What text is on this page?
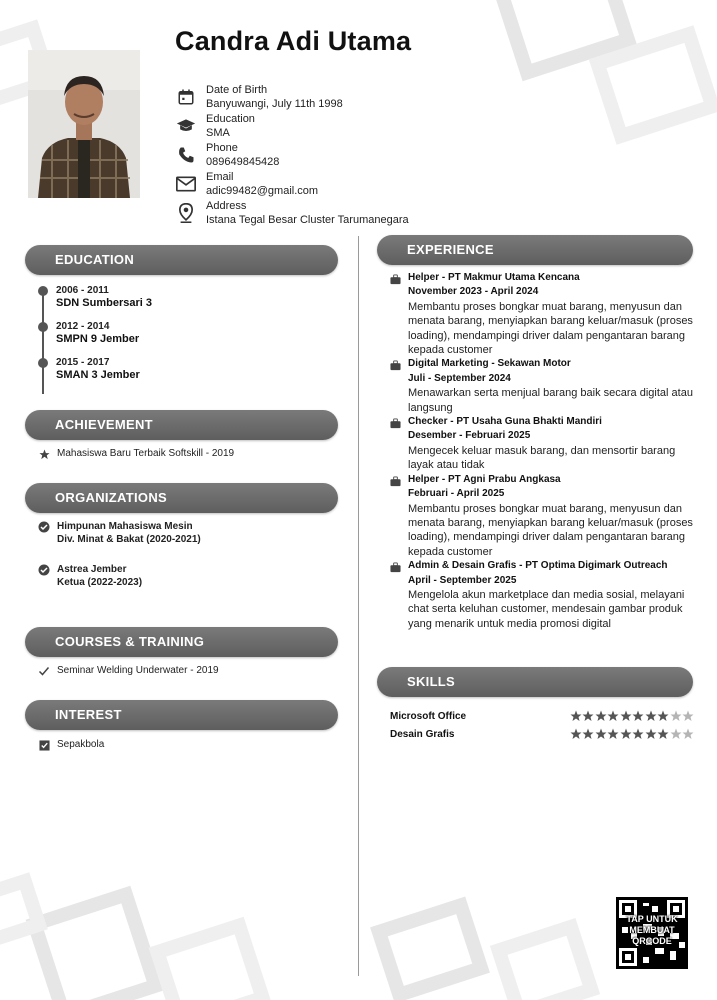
Candra Adi Utama
Date of Birth
Banyuwangi, July 11th 1998
Education
SMA
Phone
089649845428
Email
adic99482@gmail.com
Address
Istana Tegal Besar Cluster Tarumanegara
EDUCATION
2006 - 2011
SDN Sumbersari 3
2012 - 2014
SMPN 9 Jember
2015 - 2017
SMAN 3 Jember
ACHIEVEMENT
Mahasiswa Baru Terbaik Softskill - 2019
ORGANIZATIONS
Himpunan Mahasiswa Mesin
Div. Minat & Bakat (2020-2021)
Astrea Jember
Ketua (2022-2023)
COURSES & TRAINING
Seminar Welding Underwater - 2019
INTEREST
Sepakbola
EXPERIENCE
Helper - PT Makmur Utama Kencana
November 2023 - April 2024
Membantu proses bongkar muat barang, menyusun dan menata barang, menyiapkan barang keluar/masuk (proses loading), mendampingi driver dalam pengantaran barang kepada customer
Digital Marketing - Sekawan Motor
Juli - September 2024
Menawarkan serta menjual barang baik secara digital atau langsung
Checker - PT Usaha Guna Bhakti Mandiri
Desember - Februari 2025
Mengecek keluar masuk barang, dan mensortir barang layak atau tidak
Helper - PT Agni Prabu Angkasa
Februari - April 2025
Membantu proses bongkar muat barang, menyusun dan menata barang, menyiapkan barang keluar/masuk (proses loading), mendampingi driver dalam pengantaran barang kepada customer
Admin & Desain Grafis - PT Optima Digimark Outreach
April - September 2025
Mengelola akun marketplace dan media sosial, melayani chat serta keluhan customer, mendesain gambar produk yang menarik untuk media promosi digital
SKILLS
Microsoft Office
Desain Grafis
TAP UNTUK
MEMBUAT
QRCODE
